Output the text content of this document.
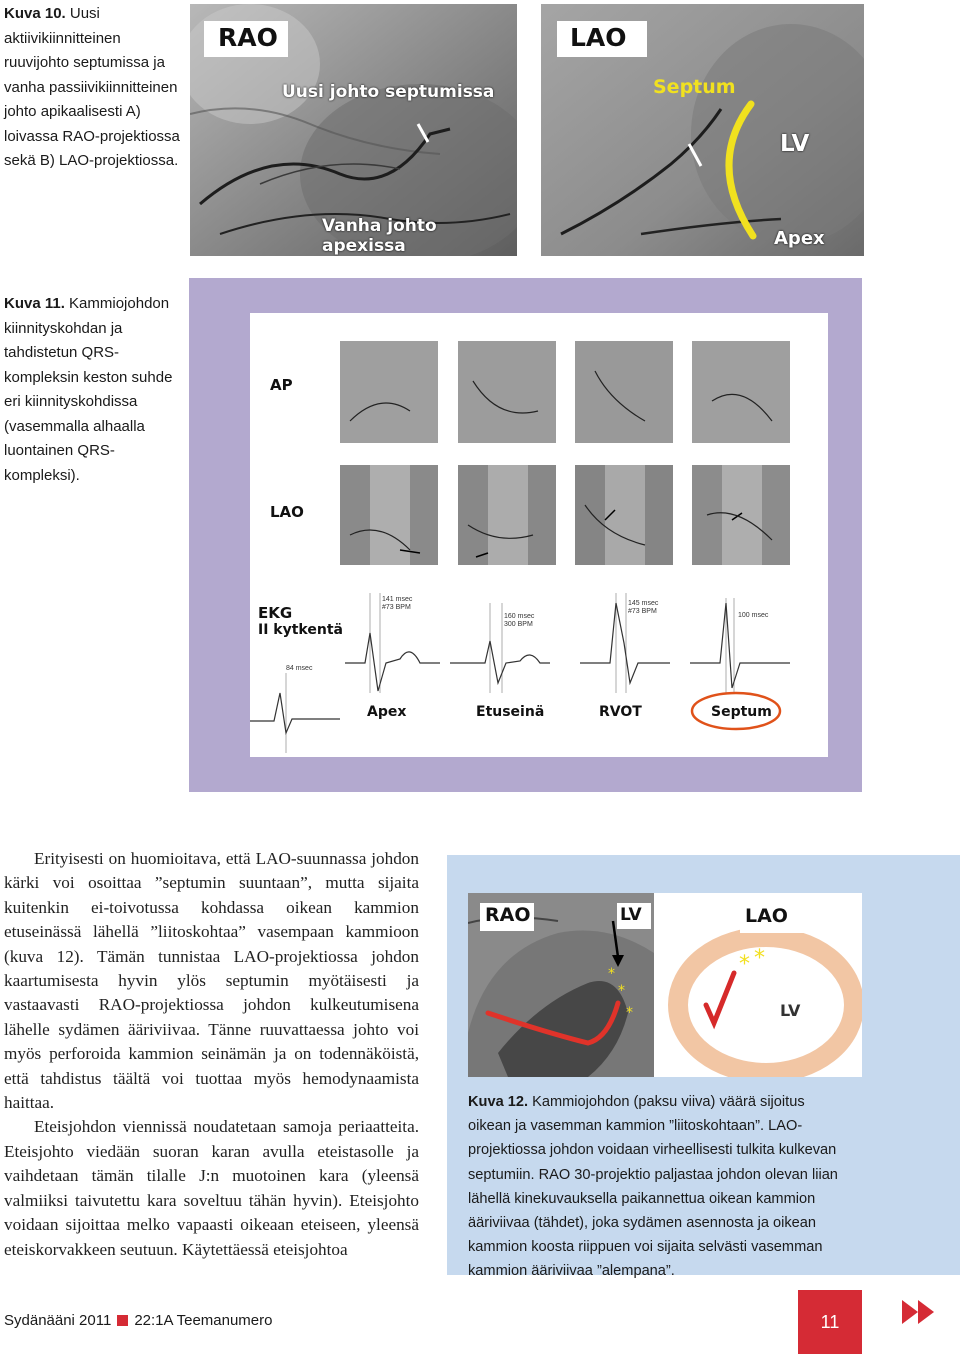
Kuva 10. Uusi aktiivikiinnitteinen ruuvijohto septumissa ja vanha passiivikiinnitteinen johto apikaalisesti A) loivassa RAO-projektiossa sekä B) LAO-projektiossa.
RAO
Uusi johto septumissa
Vanha johto apexissa
LAO
Septum
LV
Apex
Kuva 11. Kammiojohdon kiinnityskohdan ja tahdistetun QRS-kompleksin keston suhde eri kiinnityskohdissa (vasemmalla alhaalla luontainen QRS-kompleksi).
AP
LAO
EKG
II kytkentä
84 msec
141 msec
#73 BPM
160 msec
300 BPM
145 msec
#73 BPM
100 msec
Apex	Etuseinä	RVOT	Septum

Erityisesti on huomioitava, että LAO-suunnassa johdon kärki voi osoittaa ”septumin suuntaan”, mutta sijaita kuitenkin ei-toivotussa kohdassa oikean kammion etuseinässä lähellä ”liitoskohtaa” vasempaan kammioon (kuva 12). Tämän tunnistaa LAO-projektiossa johdon kaartumisesta hyvin ylös septumin myötäisesti ja vastaavasti RAO-projektiossa johdon kulkeutumisena lähelle sydämen ääriviivaa. Tänne ruuvattaessa johto voi myös perforoida kammion seinämän ja on todennäköistä, että tahdistus täältä voi tuottaa myös hemodynaamista haittaa.

Eteisjohdon viennissä noudatetaan samoja periaatteita. Eteisjohto viedään suoran karan avulla eteistasolle ja vaihdetaan tämän tilalle J:n muotoinen kara (yleensä valmiiksi taivutettu kara soveltuu tähän hyvin). Eteisjohto voidaan sijoittaa melko vapaasti oikeaan eteiseen, yleensä eteiskorvakkeen seutuun. Käytettäessä eteisjohtoa

*
*
*
RAO	LV
* *
LAO
LV
Kuva 12. Kammiojohdon (paksu viiva) väärä sijoitus oikean ja vasemman kammion ”liitoskohtaan”. LAO-projektiossa johdon voidaan virheellisesti tulkita kulkevan septumiin. RAO 30-projektio paljastaa johdon olevan liian lähellä kinekuvauksella paikannettua oikean kammion ääriviivaa (tähdet), joka sydämen asennosta ja oikean kammion koosta riippuen voi sijaita selvästi vasemman kammion ääriviivaa ”alempana”.
Sydänääni 2011 22:1A Teemanumero	11
